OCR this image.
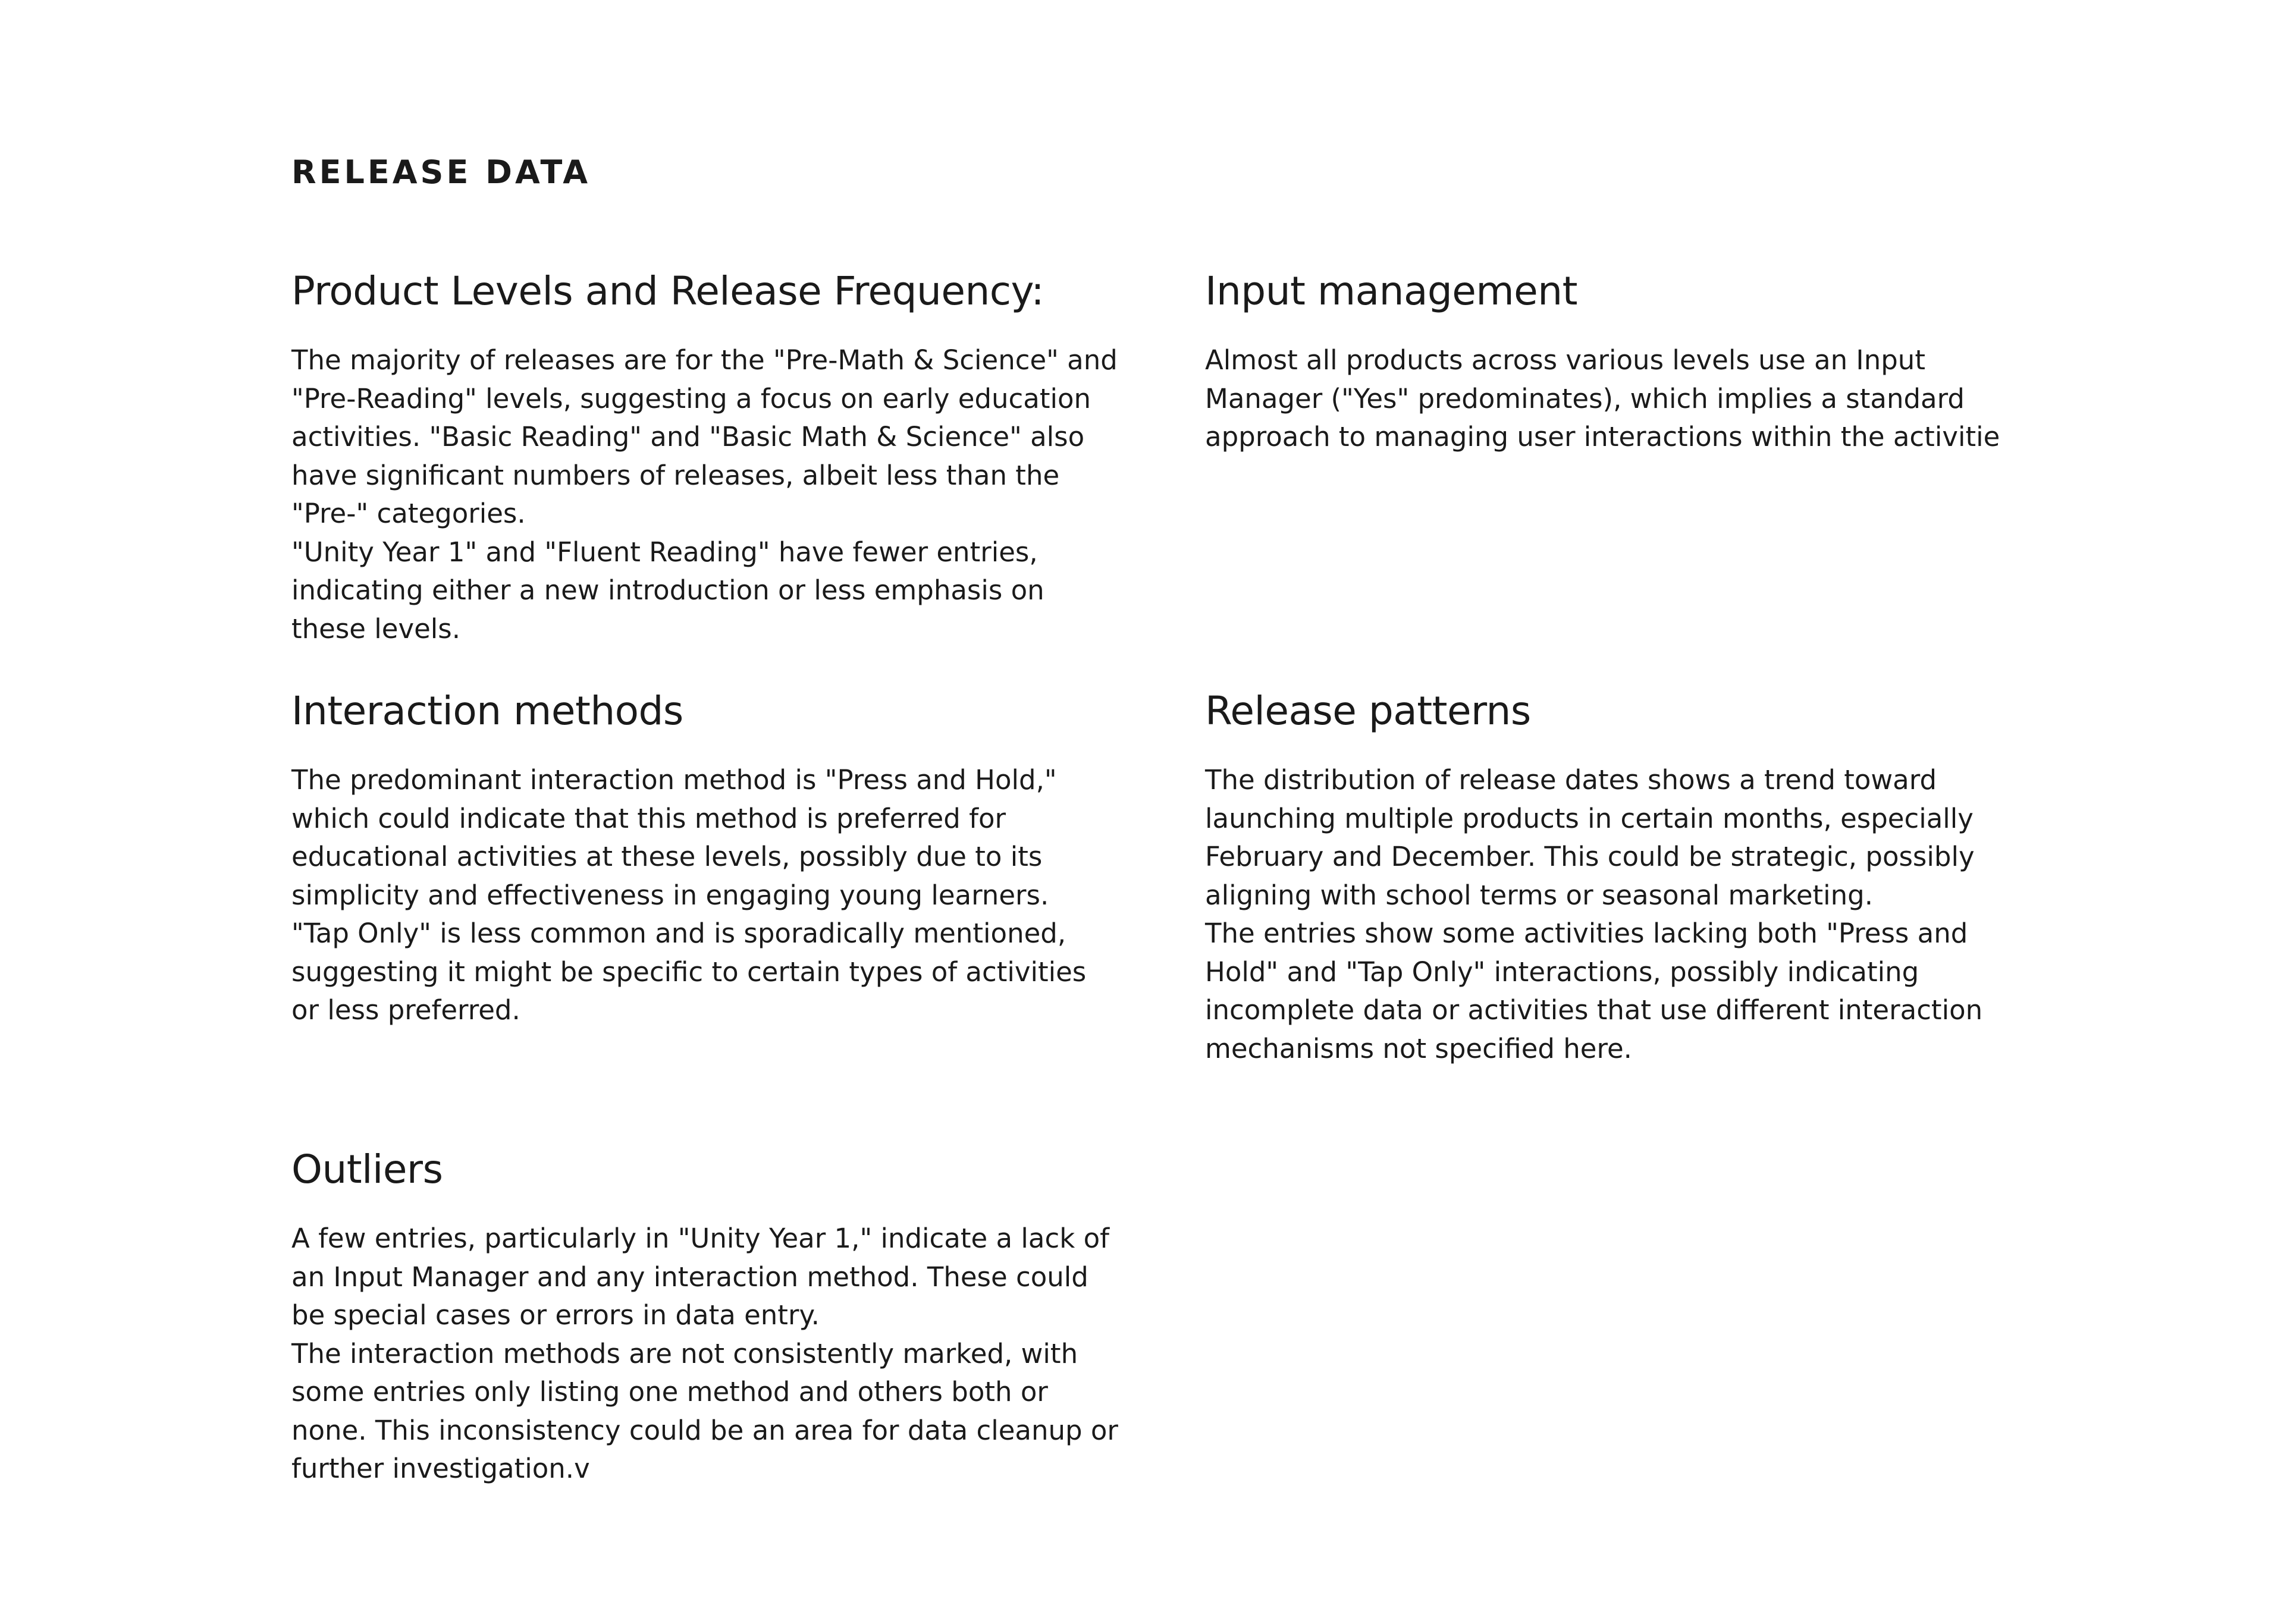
RELEASE DATA
Product Levels and Release Frequency:

The majority of releases are for the "Pre-Math & Science" and "Pre-Reading" levels, suggesting a focus on early education activities. "Basic Reading" and "Basic Math & Science" also have significant numbers of releases, albeit less than the "Pre-" categories.
"Unity Year 1" and "Fluent Reading" have fewer entries, indicating either a new introduction or less emphasis on these levels.

Input management

Almost all products across various levels use an Input Manager ("Yes" predominates), which implies a standard approach to managing user interactions within the activitie

Interaction methods

The predominant interaction method is "Press and Hold," which could indicate that this method is preferred for educational activities at these levels, possibly due to its simplicity and effectiveness in engaging young learners.
"Tap Only" is less common and is sporadically mentioned, suggesting it might be specific to certain types of activities or less preferred.

Release patterns

The distribution of release dates shows a trend toward launching multiple products in certain months, especially February and December. This could be strategic, possibly aligning with school terms or seasonal marketing.
The entries show some activities lacking both "Press and Hold" and "Tap Only" interactions, possibly indicating incomplete data or activities that use different interaction mechanisms not specified here.

Outliers

A few entries, particularly in "Unity Year 1," indicate a lack of an Input Manager and any interaction method. These could be special cases or errors in data entry.
The interaction methods are not consistently marked, with some entries only listing one method and others both or none. This inconsistency could be an area for data cleanup or further investigation.v
